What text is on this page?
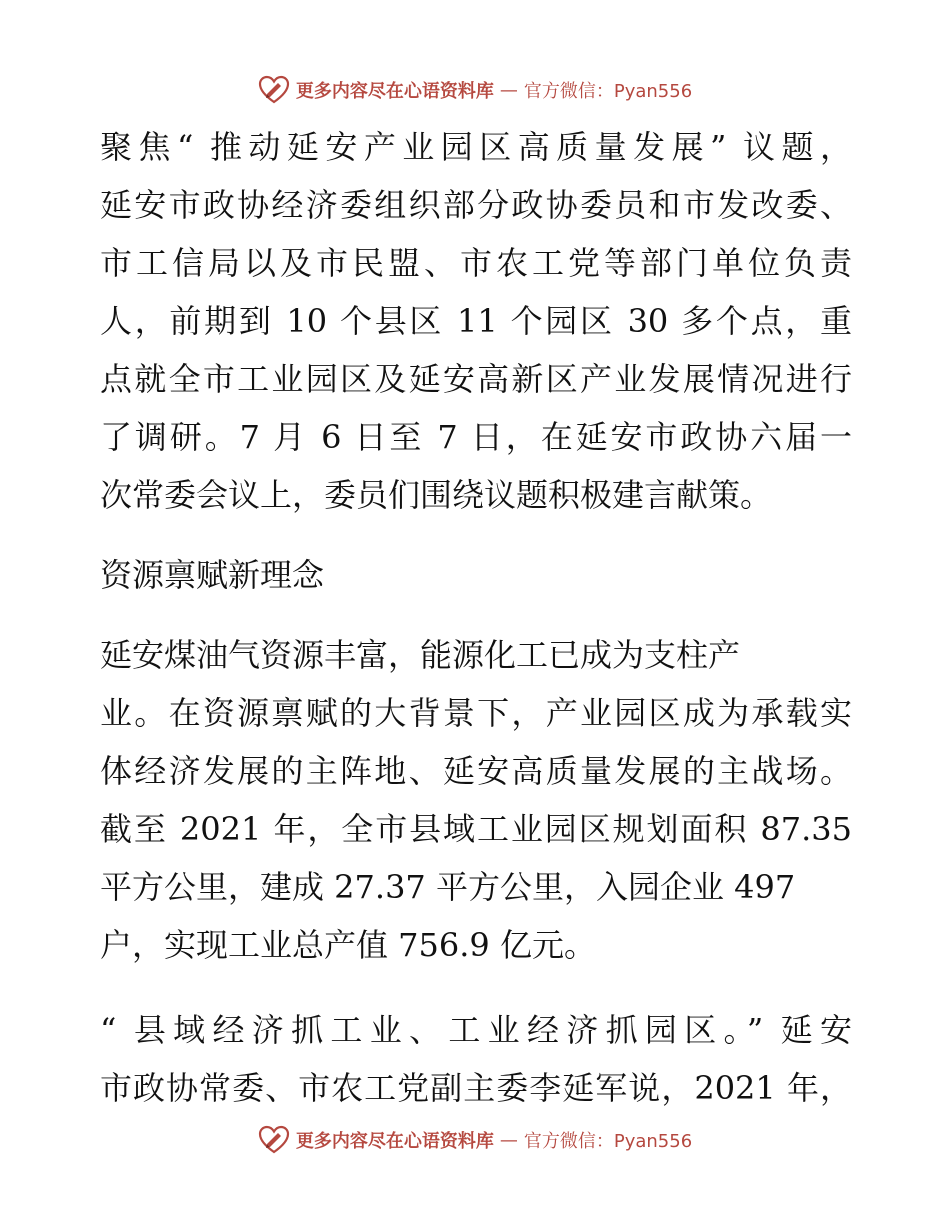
更多内容尽在心语资料库 — 官方微信：Pyan556
聚焦“ 推动延安产业园区高质量发展” 议题，
延安市政协经济委组织部分政协委员和市发改委、
市工信局以及市民盟、市农工党等部门单位负责
人，前期到 10 个县区 11 个园区 30 多个点，重
点就全市工业园区及延安高新区产业发展情况进行
了调研。7 月 6 日至 7 日，在延安市政协六届一
次常委会议上，委员们围绕议题积极建言献策。
资源禀赋新理念
延安煤油气资源丰富，能源化工已成为支柱产
业。在资源禀赋的大背景下，产业园区成为承载实
体经济发展的主阵地、延安高质量发展的主战场。
截至 2021 年，全市县域工业园区规划面积 87.35
平方公里，建成 27.37 平方公里，入园企业 497
户，实现工业总产值 756.9 亿元。
“ 县域经济抓工业、工业经济抓园区。” 延安
市政协常委、市农工党副主委李延军说，2021 年，
更多内容尽在心语资料库 — 官方微信：Pyan556
